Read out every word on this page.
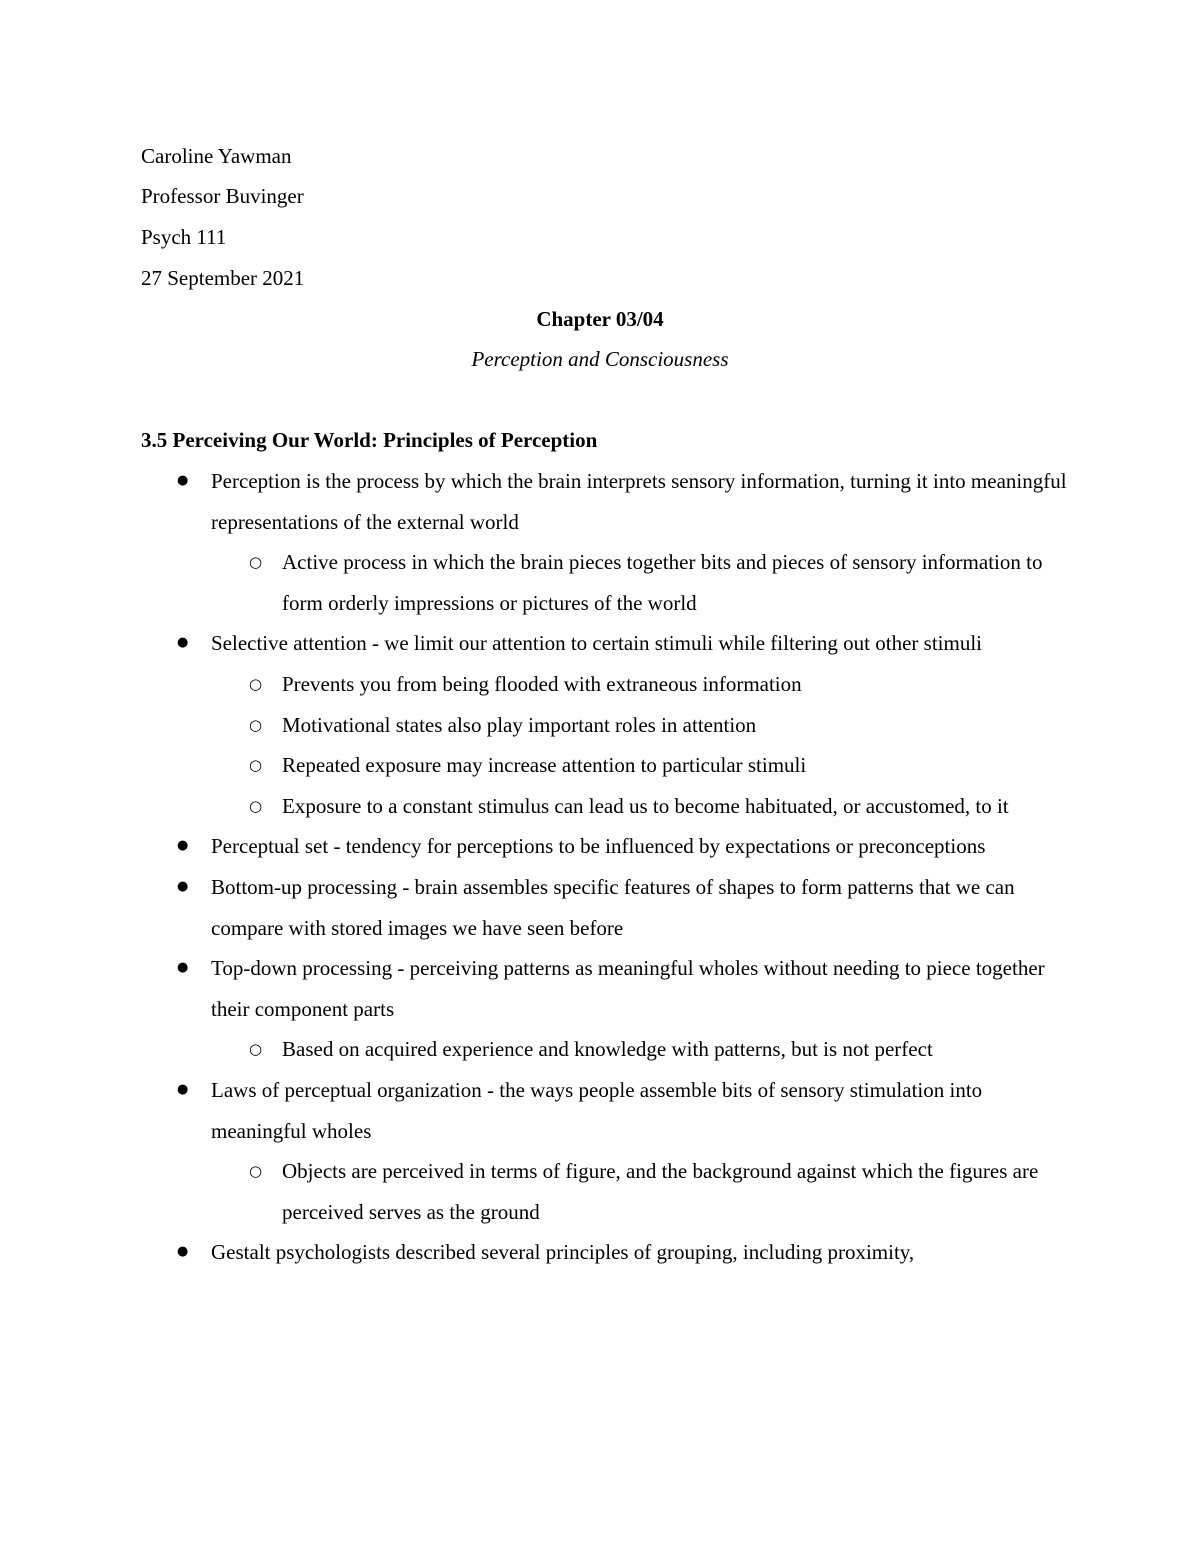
Caroline Yawman
Professor Buvinger
Psych 111
27 September 2021
Chapter 03/04
Perception and Consciousness
3.5 Perceiving Our World: Principles of Perception
● Perception is the process by which the brain interprets sensory information, turning it into meaningful representations of the external world
○ Active process in which the brain pieces together bits and pieces of sensory information to form orderly impressions or pictures of the world
● Selective attention - we limit our attention to certain stimuli while filtering out other stimuli
○ Prevents you from being flooded with extraneous information
○ Motivational states also play important roles in attention
○ Repeated exposure may increase attention to particular stimuli
○ Exposure to a constant stimulus can lead us to become habituated, or accustomed, to it
● Perceptual set - tendency for perceptions to be influenced by expectations or preconceptions
● Bottom-up processing - brain assembles specific features of shapes to form patterns that we can compare with stored images we have seen before
● Top-down processing - perceiving patterns as meaningful wholes without needing to piece together their component parts
○ Based on acquired experience and knowledge with patterns, but is not perfect
● Laws of perceptual organization - the ways people assemble bits of sensory stimulation into meaningful wholes
○ Objects are perceived in terms of figure, and the background against which the figures are perceived serves as the ground
● Gestalt psychologists described several principles of grouping, including proximity,
